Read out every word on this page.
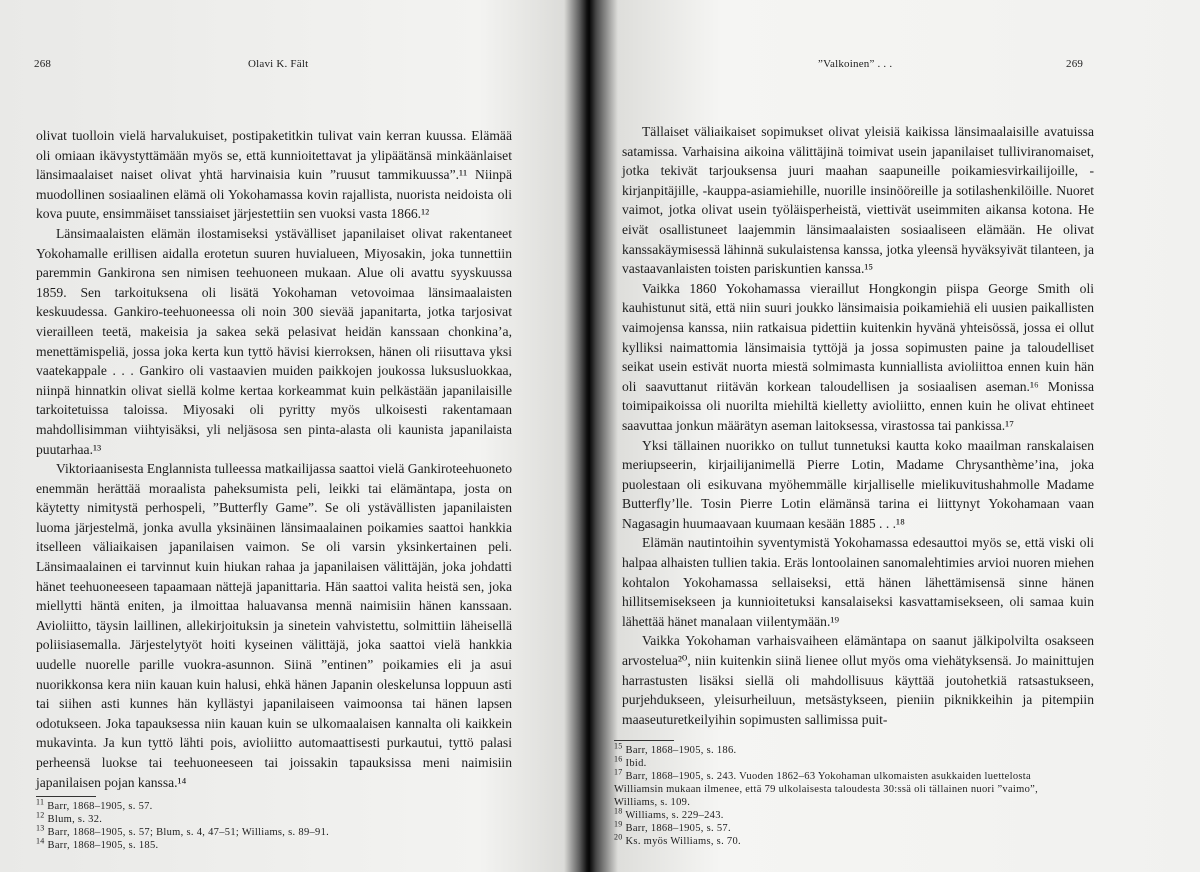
268	Olavi K. Fält

olivat tuolloin vielä harvalukuiset, postipaketitkin tulivat vain kerran kuussa. Elämää oli omiaan ikävystyttämään myös se, että kunnioitettavat ja ylipäätänsä minkäänlaiset länsimaalaiset naiset olivat yhtä harvinaisia kuin ”ruusut tammikuussa”.¹¹ Niinpä muodollinen sosiaalinen elämä oli Yokohamassa kovin rajallista, nuorista neidoista oli kova puute, ensimmäiset tanssiaiset järjestettiin sen vuoksi vasta 1866.¹²

Länsimaalaisten elämän ilostamiseksi ystävälliset japanilaiset olivat rakentaneet Yokohamalle erillisen aidalla erotetun suuren huvialueen, Miyosakin, joka tunnettiin paremmin Gankirona sen nimisen teehuoneen mukaan. Alue oli avattu syyskuussa 1859. Sen tarkoituksena oli lisätä Yokohaman vetovoimaa länsimaalaisten keskuudessa. Gankiro-teehuoneessa oli noin 300 sievää japanitarta, jotka tarjosivat vierailleen teetä, makeisia ja sakea sekä pelasivat heidän kanssaan chonkina’a, menettämispeliä, jossa joka kerta kun tyttö hävisi kierroksen, hänen oli riisuttava yksi vaatekappale . . . Gankiro oli vastaavien muiden paikkojen joukossa luksusluokkaa, niinpä hinnatkin olivat siellä kolme kertaa korkeammat kuin pelkästään japanilaisille tarkoitetuissa taloissa. Miyosaki oli pyritty myös ulkoisesti rakentamaan mahdollisimman viihtyisäksi, yli neljäsosa sen pinta-alasta oli kaunista japanilaista puutarhaa.¹³

Viktoriaanisesta Englannista tulleessa matkailijassa saattoi vielä Gankiroteehuoneto enemmän herättää moraalista paheksumista peli, leikki tai elämäntapa, josta on käytetty nimitystä perhospeli, ”Butterfly Game”. Se oli ystävällisten japanilaisten luoma järjestelmä, jonka avulla yksinäinen länsimaalainen poikamies saattoi hankkia itselleen väliaikaisen japanilaisen vaimon. Se oli varsin yksinkertainen peli. Länsimaalainen ei tarvinnut kuin hiukan rahaa ja japanilaisen välittäjän, joka johdatti hänet teehuoneeseen tapaamaan nättejä japanittaria. Hän saattoi valita heistä sen, joka miellytti häntä eniten, ja ilmoittaa haluavansa mennä naimisiin hänen kanssaan. Avioliitto, täysin laillinen, allekirjoituksin ja sinetein vahvistettu, solmittiin läheisellä poliisiasemalla. Järjestelytyöt hoiti kyseinen välittäjä, joka saattoi vielä hankkia uudelle nuorelle parille vuokra-asunnon. Siinä ”entinen” poikamies eli ja asui nuorikkonsa kera niin kauan kuin halusi, ehkä hänen Japanin oleskelunsa loppuun asti tai siihen asti kunnes hän kyllästyi japanilaiseen vaimoonsa tai hänen lapsen odotukseen. Joka tapauksessa niin kauan kuin se ulkomaalaisen kannalta oli kaikkein mukavinta. Ja kun tyttö lähti pois, avioliitto automaattisesti purkautui, tyttö palasi perheensä luokse tai teehuoneeseen tai joissakin tapauksissa meni naimisiin japanilaisen pojan kanssa.¹⁴

$^{11}$ Barr, 1868–1905, s. 57.
$^{12}$ Blum, s. 32.
$^{13}$ Barr, 1868–1905, s. 57; Blum, s. 4, 47–51; Williams, s. 89–91.
$^{14}$ Barr, 1868–1905, s. 185.
”Valkoinen” . . .	269

Tällaiset väliaikaiset sopimukset olivat yleisiä kaikissa länsimaalaisille avatuissa satamissa. Varhaisina aikoina välittäjinä toimivat usein japanilaiset tulliviranomaiset, jotka tekivät tarjouksensa juuri maahan saapuneille poikamiesvirkailijoille, -kirjanpitäjille, -kauppa-asiamiehille, nuorille insinööreille ja sotilashenkilöille. Nuoret vaimot, jotka olivat usein työläisperheistä, viettivät useimmiten aikansa kotona. He eivät osallistuneet laajemmin länsimaalaisten sosiaaliseen elämään. He olivat kanssakäymisessä lähinnä sukulaistensa kanssa, jotka yleensä hyväksyivät tilanteen, ja vastaavanlaisten toisten pariskuntien kanssa.¹⁵

Vaikka 1860 Yokohamassa vieraillut Hongkongin piispa George Smith oli kauhistunut sitä, että niin suuri joukko länsimaisia poikamiehiä eli uusien paikallisten vaimojensa kanssa, niin ratkaisua pidettiin kuitenkin hyvänä yhteisössä, jossa ei ollut kylliksi naimattomia länsimaisia tyttöjä ja jossa sopimusten paine ja taloudelliset seikat usein estivät nuorta miestä solmimasta kunniallista avioliittoa ennen kuin hän oli saavuttanut riitävän korkean taloudellisen ja sosiaalisen aseman.¹⁶ Monissa toimipaikoissa oli nuorilta miehiltä kielletty avioliitto, ennen kuin he olivat ehtineet saavuttaa jonkun määrätyn aseman laitoksessa, virastossa tai pankissa.¹⁷

Yksi tällainen nuorikko on tullut tunnetuksi kautta koko maailman ranskalaisen meriupseerin, kirjailijanimellä Pierre Lotin, Madame Chrysanthème’ina, joka puolestaan oli esikuvana myöhemmälle kirjalliselle mielikuvitushahmolle Madame Butterfly’lle. Tosin Pierre Lotin elämänsä tarina ei liittynyt Yokohamaan vaan Nagasagin huumaavaan kuumaan kesään 1885 . . .¹⁸

Elämän nautintoihin syventymistä Yokohamassa edesauttoi myös se, että viski oli halpaa alhaisten tullien takia. Eräs lontoolainen sanomalehtimies arvioi nuoren miehen kohtalon Yokohamassa sellaiseksi, että hänen lähettämisensä sinne hänen hillitsemisekseen ja kunnioitetuksi kansalaiseksi kasvattamisekseen, oli samaa kuin lähettää hänet manalaan viilentymään.¹⁹

Vaikka Yokohaman varhaisvaiheen elämäntapa on saanut jälkipolvilta osakseen arvostelua²⁰, niin kuitenkin siinä lienee ollut myös oma viehätyksensä. Jo mainittujen harrastusten lisäksi siellä oli mahdollisuus käyttää joutohetkiä ratsastukseen, purjehdukseen, yleisurheiluun, metsästykseen, pieniin piknikkeihin ja pitempiin maaseuturetkeilyihin sopimusten sallimissa puit-

$^{15}$ Barr, 1868–1905, s. 186.
$^{16}$ Ibid.
$^{17}$ Barr, 1868–1905, s. 243. Vuoden 1862–63 Yokohaman ulkomaisten asukkaiden luettelosta
Williamsin mukaan ilmenee, että 79 ulkolaisesta taloudesta 30:ssä oli tällainen nuori ”vaimo”,
Williams, s. 109.
$^{18}$ Williams, s. 229–243.
$^{19}$ Barr, 1868–1905, s. 57.
$^{20}$ Ks. myös Williams, s. 70.
